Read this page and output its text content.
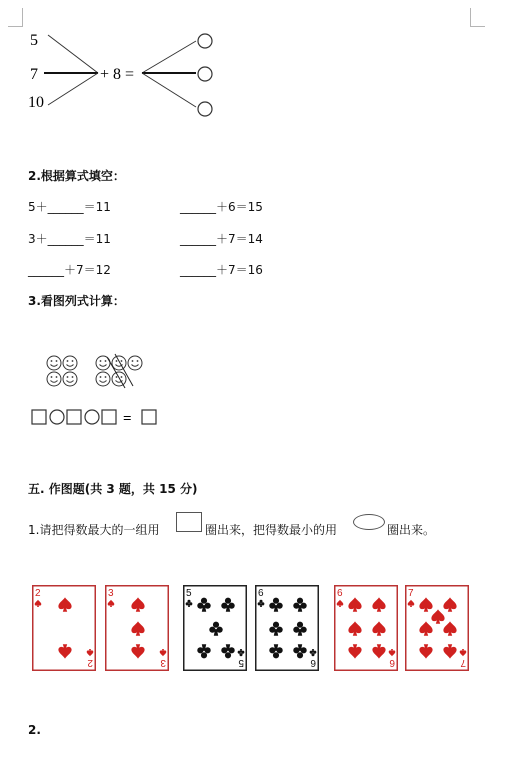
5
7
10
+ 8 =
2.根据算式填空：
5＋______＝11	______＋6＝15
3＋______＝11	______＋7＝14
______＋7＝12	______＋7＝16
3.看图列式计算：
=
五. 作图题(共 3 题，共 15 分)
1.请把得数最大的一组用	圈出来，把得数最小的用	圈出来。
2
2
3
3
5
5
6
6
6
6
7
7
2.
